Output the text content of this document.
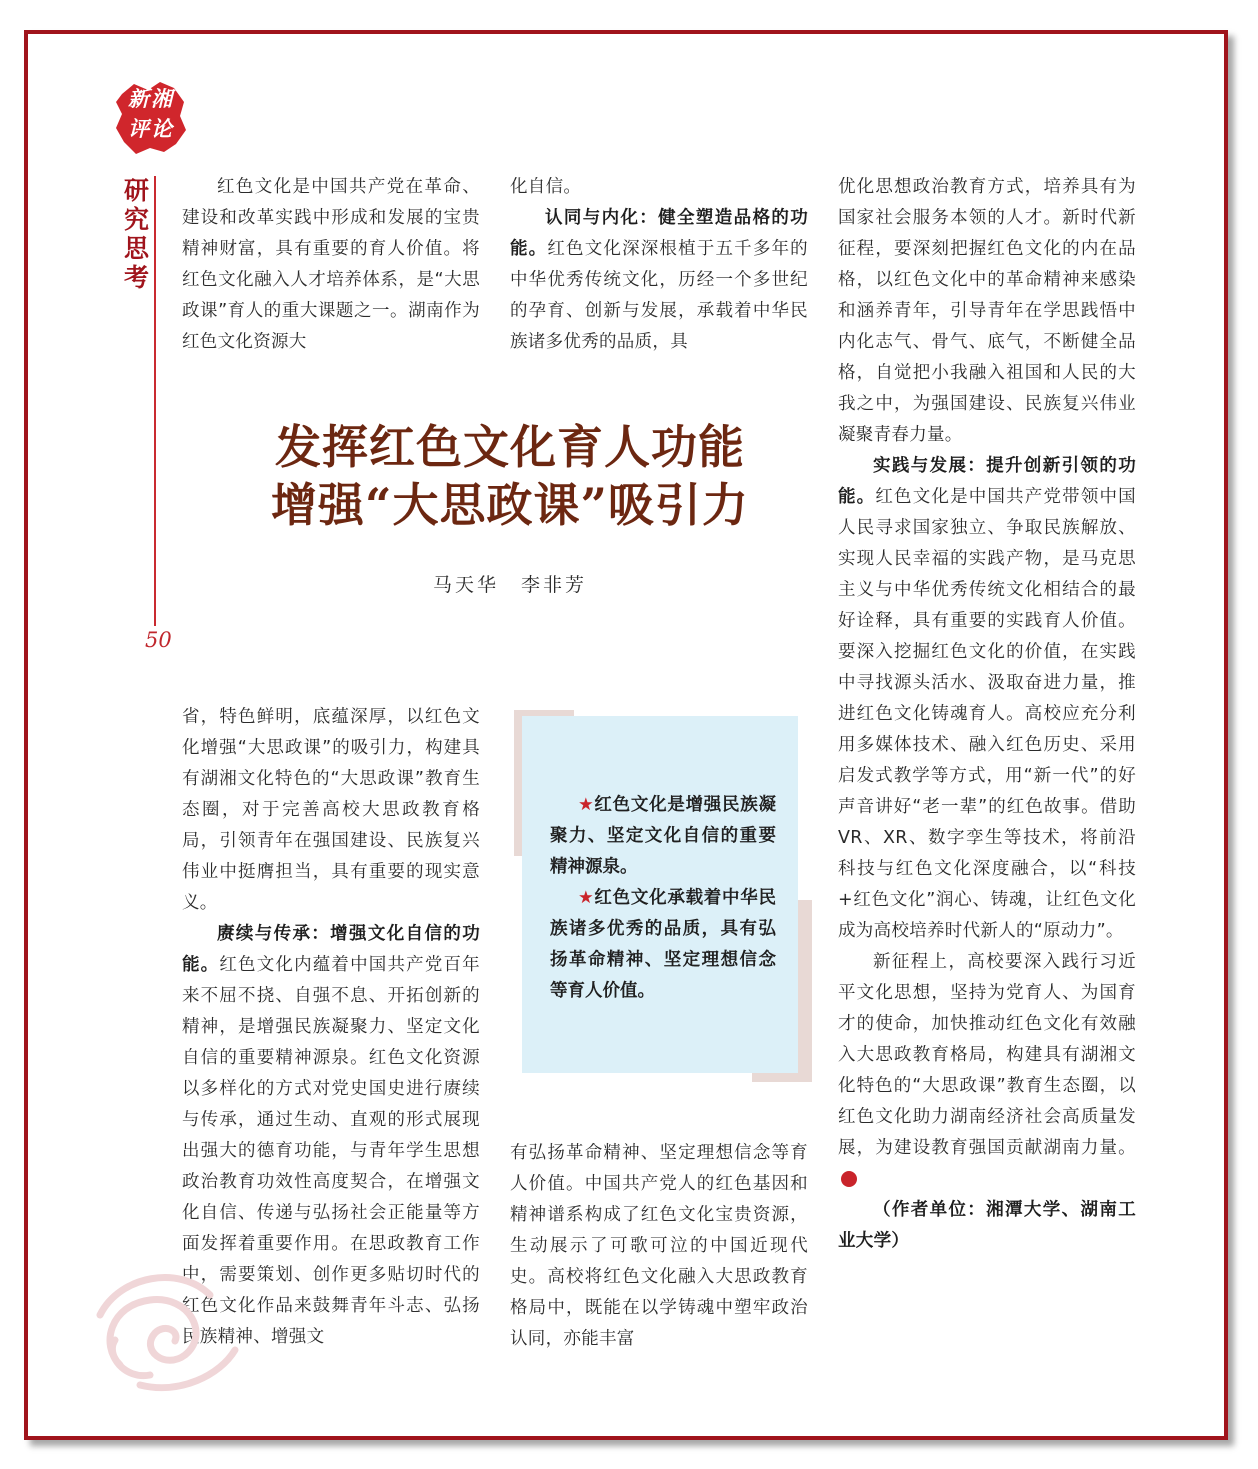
新湘评论
研究思考
50

红色文化是中国共产党在革命、建设和改革实践中形成和发展的宝贵精神财富，具有重要的育人价值。将红色文化融入人才培养体系，是“大思政课”育人的重大课题之一。湖南作为红色文化资源大

化自信。

认同与内化：健全塑造品格的功能。红色文化深深根植于五千多年的中华优秀传统文化，历经一个多世纪的孕育、创新与发展，承载着中华民族诸多优秀的品质，具

发挥红色文化育人功能
增强“大思政课”吸引力
马天华　李非芳

优化思想政治教育方式，培养具有为国家社会服务本领的人才。新时代新征程，要深刻把握红色文化的内在品格，以红色文化中的革命精神来感染和涵养青年，引导青年在学思践悟中内化志气、骨气、底气，不断健全品格，自觉把小我融入祖国和人民的大我之中，为强国建设、民族复兴伟业凝聚青春力量。

实践与发展：提升创新引领的功能。红色文化是中国共产党带领中国人民寻求国家独立、争取民族解放、实现人民幸福的实践产物，是马克思主义与中华优秀传统文化相结合的最好诠释，具有重要的实践育人价值。要深入挖掘红色文化的价值，在实践中寻找源头活水、汲取奋进力量，推进红色文化铸魂育人。高校应充分利用多媒体技术、融入红色历史、采用启发式教学等方式，用“新一代”的好声音讲好“老一辈”的红色故事。借助VR、XR、数字孪生等技术，将前沿科技与红色文化深度融合，以“科技+红色文化”润心、铸魂，让红色文化成为高校培养时代新人的“原动力”。

新征程上，高校要深入践行习近平文化思想，坚持为党育人、为国育才的使命，加快推动红色文化有效融入大思政教育格局，构建具有湖湘文化特色的“大思政课”教育生态圈，以红色文化助力湖南经济社会高质量发展，为建设教育强国贡献湖南力量。湘

（作者单位：湘潭大学、湖南工业大学）

省，特色鲜明，底蕴深厚，以红色文化增强“大思政课”的吸引力，构建具有湖湘文化特色的“大思政课”教育生态圈，对于完善高校大思政教育格局，引领青年在强国建设、民族复兴伟业中挺膺担当，具有重要的现实意义。

赓续与传承：增强文化自信的功能。红色文化内蕴着中国共产党百年来不屈不挠、自强不息、开拓创新的精神，是增强民族凝聚力、坚定文化自信的重要精神源泉。红色文化资源以多样化的方式对党史国史进行赓续与传承，通过生动、直观的形式展现出强大的德育功能，与青年学生思想政治教育功效性高度契合，在增强文化自信、传递与弘扬社会正能量等方面发挥着重要作用。在思政教育工作中，需要策划、创作更多贴切时代的红色文化作品来鼓舞青年斗志、弘扬民族精神、增强文

★红色文化是增强民族凝聚力、坚定文化自信的重要精神源泉。
★红色文化承载着中华民族诸多优秀的品质，具有弘扬革命精神、坚定理想信念等育人价值。

有弘扬革命精神、坚定理想信念等育人价值。中国共产党人的红色基因和精神谱系构成了红色文化宝贵资源，生动展示了可歌可泣的中国近现代史。高校将红色文化融入大思政教育格局中，既能在以学铸魂中塑牢政治认同，亦能丰富
